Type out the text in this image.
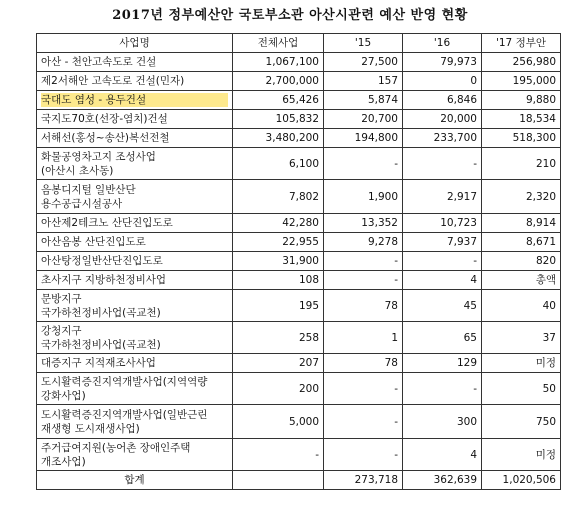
2017년 정부예산안 국토부소관 아산시관련 예산 반영 현황
사업명	전체사업	'15	'16	'17 정부안

아산 - 천안고속도로 건설	1,067,100	27,500	79,973	256,980

제2서해안 고속도로 건설(민자)	2,700,000	157	0	195,000

국대도 염성 - 용두건설	65,426	5,874	6,846	9,880

국지도70호(선장-염치)건설	105,832	20,700	20,000	18,534

서해선(홍성~송산)복선전철	3,480,200	194,800	233,700	518,300

화물공영차고지 조성사업
(아산시 초사동)	6,100	-	-	210

음봉디지털 일반산단
용수공급시설공사	7,802	1,900	2,917	2,320

아산제2테크노 산단진입도로	42,280	13,352	10,723	8,914

아산음봉 산단진입도로	22,955	9,278	7,937	8,671

아산탕정일반산단진입도로	31,900	-	-	820

초사지구 지방하천정비사업	108	-	4	총액

문방지구
국가하천정비사업(곡교천)	195	78	45	40

강청지구
국가하천정비사업(곡교천)	258	1	65	37

대증지구 지적재조사사업	207	78	129	미정

도시활력증진지역개발사업(지역역량
강화사업)	200	-	-	50

도시활력증진지역개발사업(일반근린
재생형 도시재생사업)	5,000	-	300	750

주거급여지원(농어촌 장애인주택
개조사업)	-	-	4	미정
합계		273,718	362,639	1,020,506
